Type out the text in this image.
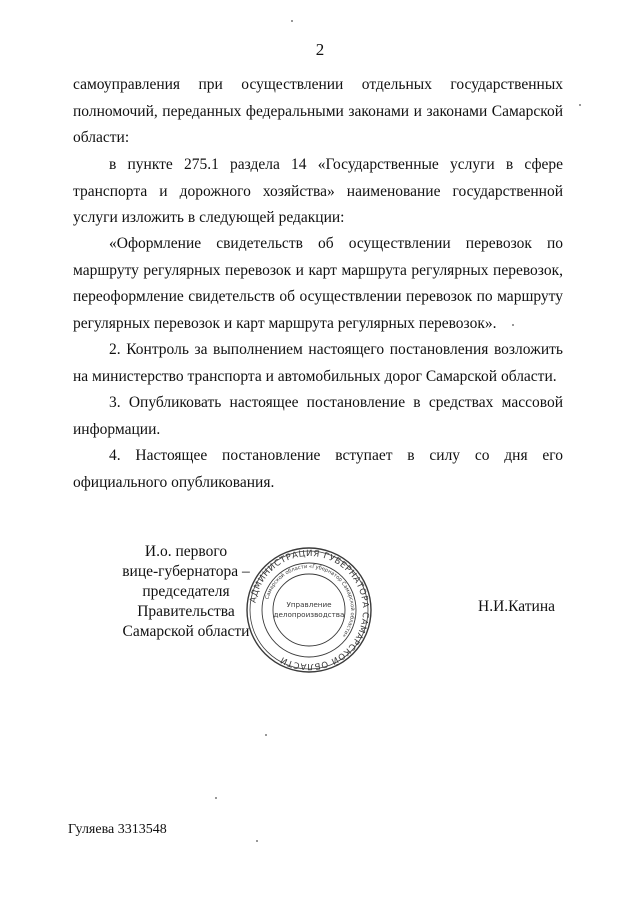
2
самоуправления при осуществлении отдельных государственных
полномочий, переданных федеральными законами и законами Самарской
области:
в пункте 275.1 раздела 14 «Государственные услуги в сфере
транспорта и дорожного хозяйства» наименование государственной
услуги изложить в следующей редакции:
«Оформление свидетельств об осуществлении перевозок по
маршруту регулярных перевозок и карт маршрута регулярных перевозок,
переоформление свидетельств об осуществлении перевозок по маршруту
регулярных перевозок и карт маршрута регулярных перевозок».
2. Контроль за выполнением настоящего постановления возложить
на министерство транспорта и автомобильных дорог Самарской области.
3. Опубликовать настоящее постановление в средствах массовой
информации.
4. Настоящее постановление вступает в силу со дня его
официального опубликования.
И.о. первого
вице-губернатора –
председателя Правительства
Самарской области
АДМИНИСТРАЦИЯ ГУБЕРНАТОРА САМАРСКОЙ ОБЛАСТИ
Самарской области «Губернатор Самарской области»
Управление
делопроизводства	Н.И.Катина
Гуляева 3313548
